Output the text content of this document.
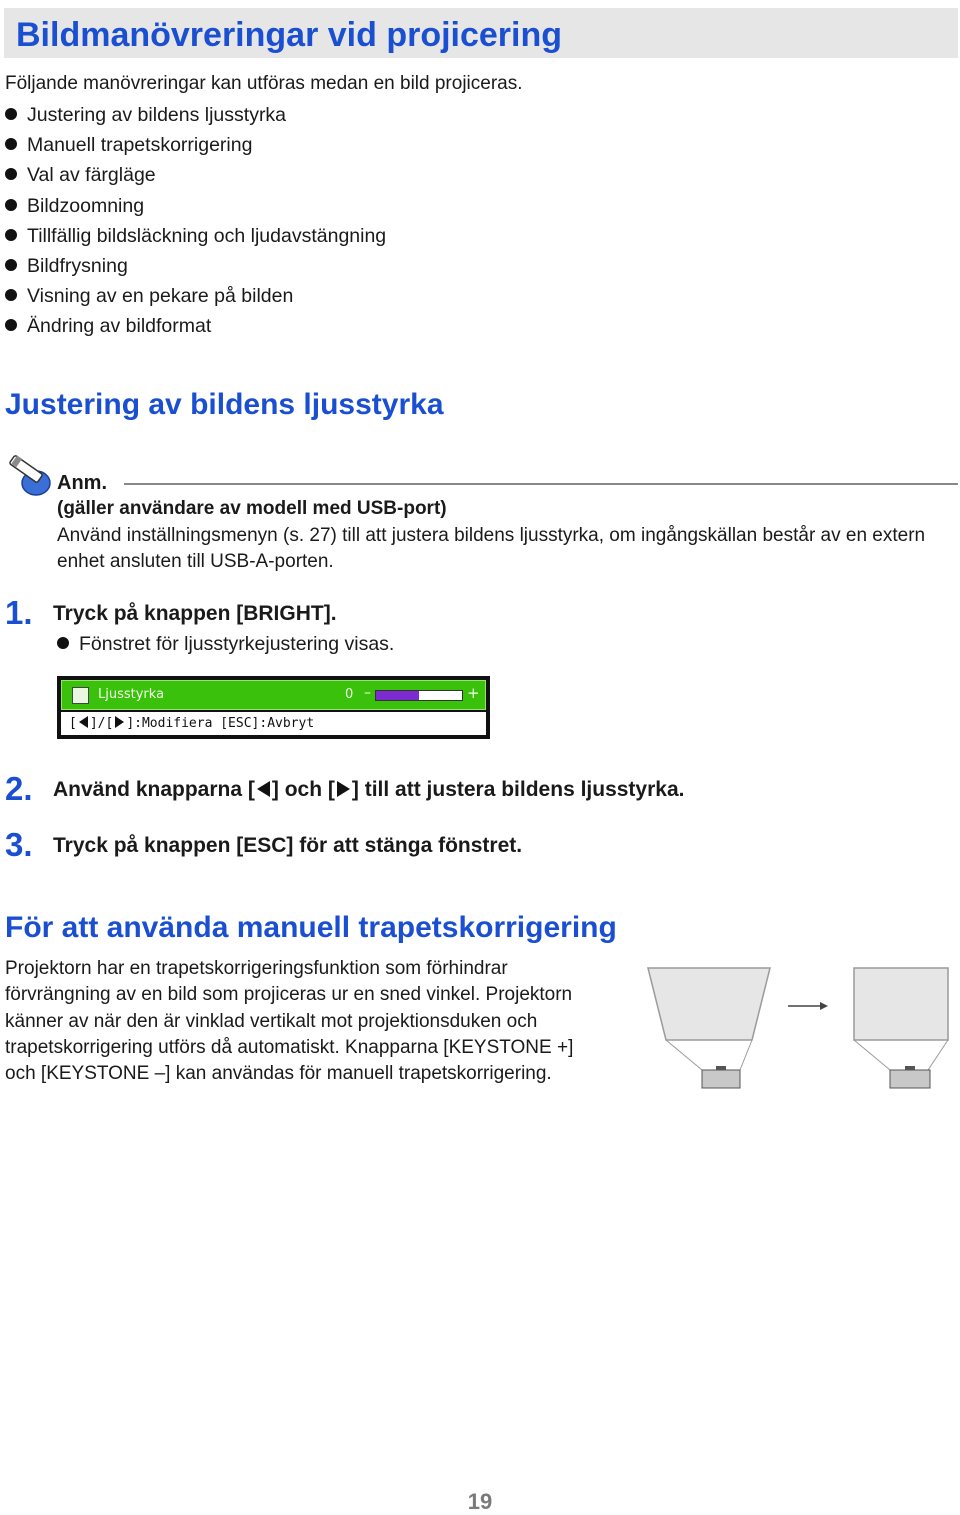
Bildmanövreringar vid projicering
Följande manövreringar kan utföras medan en bild projiceras.
Justering av bildens ljusstyrka
Manuell trapetskorrigering
Val av färgläge
Bildzoomning
Tillfällig bildsläckning och ljudavstängning
Bildfrysning
Visning av en pekare på bilden
Ändring av bildformat
Justering av bildens ljusstyrka
Anm.
(gäller användare av modell med USB-port)
Använd inställningsmenyn (s. 27) till att justera bildens ljusstyrka, om ingångskällan består av en extern enhet ansluten till USB-A-porten.
1. Tryck på knappen [BRIGHT].
Fönstret för ljusstyrkejustering visas.
Ljusstyrka	0 –	+
[ ]/[ ]:Modifiera [ESC]:Avbryt
2. Använd knapparna [ ] och [ ] till att justera bildens ljusstyrka.
3. Tryck på knappen [ESC] för att stänga fönstret.
För att använda manuell trapetskorrigering
Projektorn har en trapetskorrigeringsfunktion som förhindrar förvrängning av en bild som projiceras ur en sned vinkel. Projektorn känner av när den är vinklad vertikalt mot projektionsduken och trapetskorrigering utförs då automatiskt. Knapparna [KEYSTONE +] och [KEYSTONE –] kan användas för manuell trapetskorrigering.
19
